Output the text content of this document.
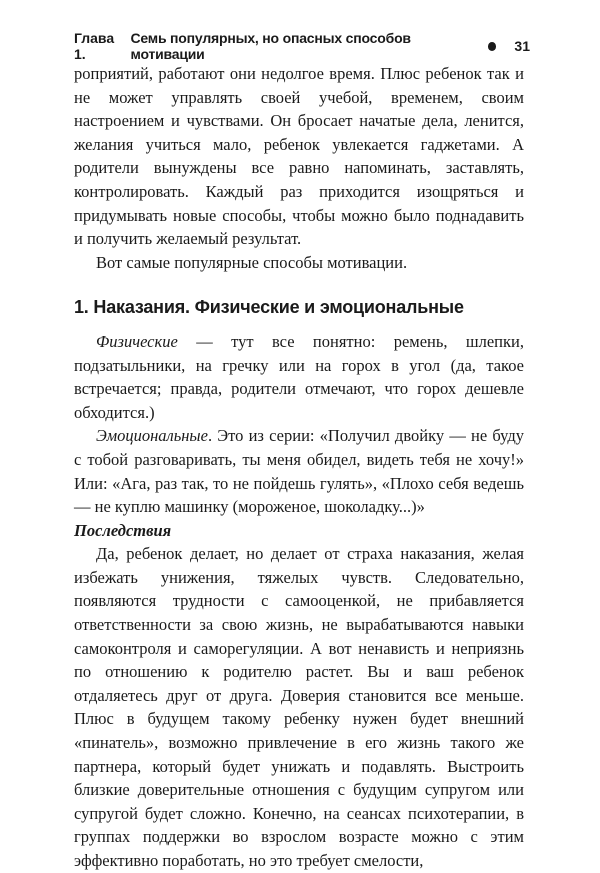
Глава 1.
Семь популярных, но опасных способов мотивации	31

роприятий, работают они недолгое время. Плюс ребенок так и не может управлять своей учебой, временем, своим настроением и чувствами. Он бросает начатые дела, ленится, желания учиться мало, ребенок увлекается гаджетами. А родители вынуждены все равно напоминать, заставлять, контролировать. Каждый раз приходится изощряться и придумывать новые способы, чтобы можно было поднадавить и получить желаемый результат.

Вот самые популярные способы мотивации.

1. Наказания. Физические и эмоциональные

Физические — тут все понятно: ремень, шлепки, подзатыльники, на гречку или на горох в угол (да, такое встречается; правда, родители отмечают, что горох дешевле обходится.)

Эмоциональные. Это из серии: «Получил двойку — не буду с тобой разговаривать, ты меня обидел, видеть тебя не хочу!» Или: «Ага, раз так, то не пойдешь гулять», «Плохо себя ведешь — не куплю машинку (мороженое, шоколадку...)»

Последствия

Да, ребенок делает, но делает от страха наказания, желая избежать унижения, тяжелых чувств. Следовательно, появляются трудности с самооценкой, не прибавляется ответственности за свою жизнь, не вырабатываются навыки самоконтроля и саморегуляции. А вот ненависть и неприязнь по отношению к родителю растет. Вы и ваш ребенок отдаляетесь друг от друга. Доверия становится все меньше. Плюс в будущем такому ребенку нужен будет внешний «пинатель», возможно привлечение в его жизнь такого же партнера, который будет унижать и подавлять. Выстроить близкие доверительные отношения с будущим супругом или супругой будет сложно. Конечно, на сеансах психотерапии, в группах поддержки во взрослом возрасте можно с этим эффективно поработать, но это требует смелости,
